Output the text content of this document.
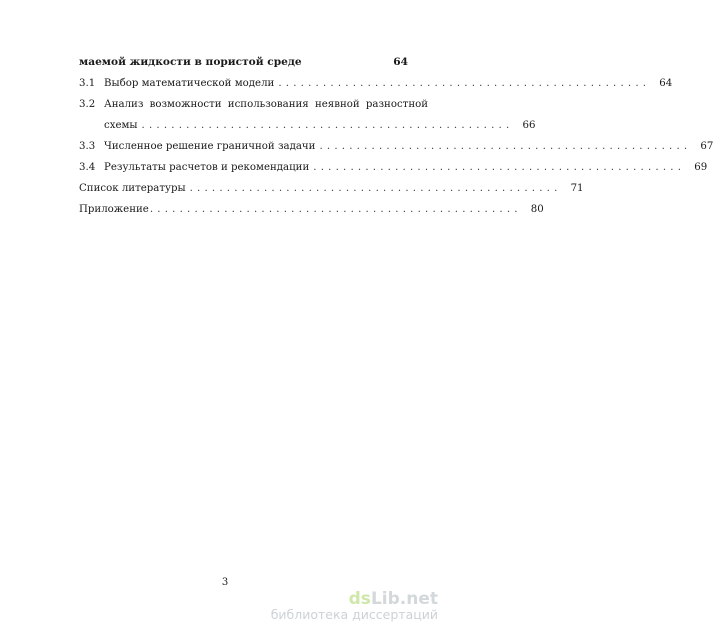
маемой жидкости в пористой среде	64
3.1 Выбор математической модели .................................................. 64
3.2 Анализ возможности использования неявной разностной
схемы .................................................. 66
3.3 Численное решение граничной задачи .................................................. 67
3.4 Результаты расчетов и рекомендации .................................................. 69
Список литературы .................................................. 71
Приложение .................................................. 80
3
dsLib.net
библиотека диссертаций
